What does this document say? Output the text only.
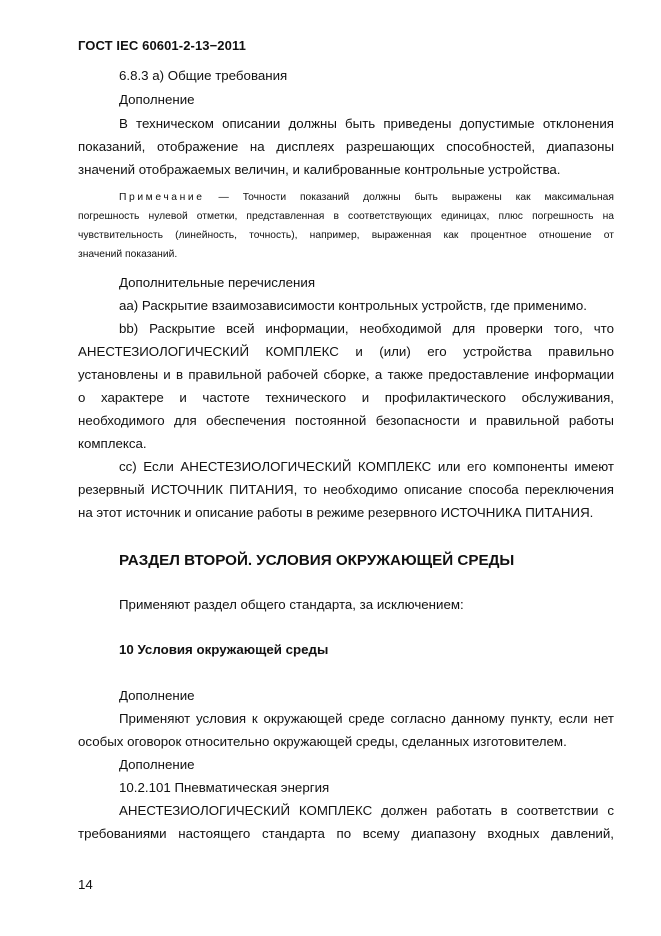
ГОСТ IEC 60601-2-13−2011
6.8.3 а) Общие требования
Дополнение
В техническом описании должны быть приведены допустимые отклонения
показаний, отображение на дисплеях разрешающих способностей, диапазоны
значений отображаемых величин, и калиброванные контрольные устройства.
Примечание — Точности показаний должны быть выражены как максимальная
погрешность нулевой отметки, представленная в соответствующих единицах, плюс погрешность на
чувствительность (линейность, точность), например, выраженная как процентное отношение от
значений показаний.
Дополнительные перечисления
аа) Раскрытие взаимозависимости контрольных устройств, где применимо.
bb) Раскрытие всей информации, необходимой для проверки того, что
АНЕСТЕЗИОЛОГИЧЕСКИЙ КОМПЛЕКС и (или) его устройства правильно
установлены и в правильной рабочей сборке, а также предоставление информации
о характере и частоте технического и профилактического обслуживания,
необходимого для обеспечения постоянной безопасности и правильной работы
комплекса.
сс) Если АНЕСТЕЗИОЛОГИЧЕСКИЙ КОМПЛЕКС или его компоненты имеют
резервный ИСТОЧНИК ПИТАНИЯ, то необходимо описание способа переключения
на этот источник и описание работы в режиме резервного ИСТОЧНИКА ПИТАНИЯ.
РАЗДЕЛ ВТОРОЙ. УСЛОВИЯ ОКРУЖАЮЩЕЙ СРЕДЫ
Применяют раздел общего стандарта, за исключением:
10 Условия окружающей среды
Дополнение
Применяют условия к окружающей среде согласно данному пункту, если нет
особых оговорок относительно окружающей среды, сделанных изготовителем.
Дополнение
10.2.101 Пневматическая энергия
АНЕСТЕЗИОЛОГИЧЕСКИЙ КОМПЛЕКС должен работать в соответствии с
требованиями настоящего стандарта по всему диапазону входных давлений,
14
